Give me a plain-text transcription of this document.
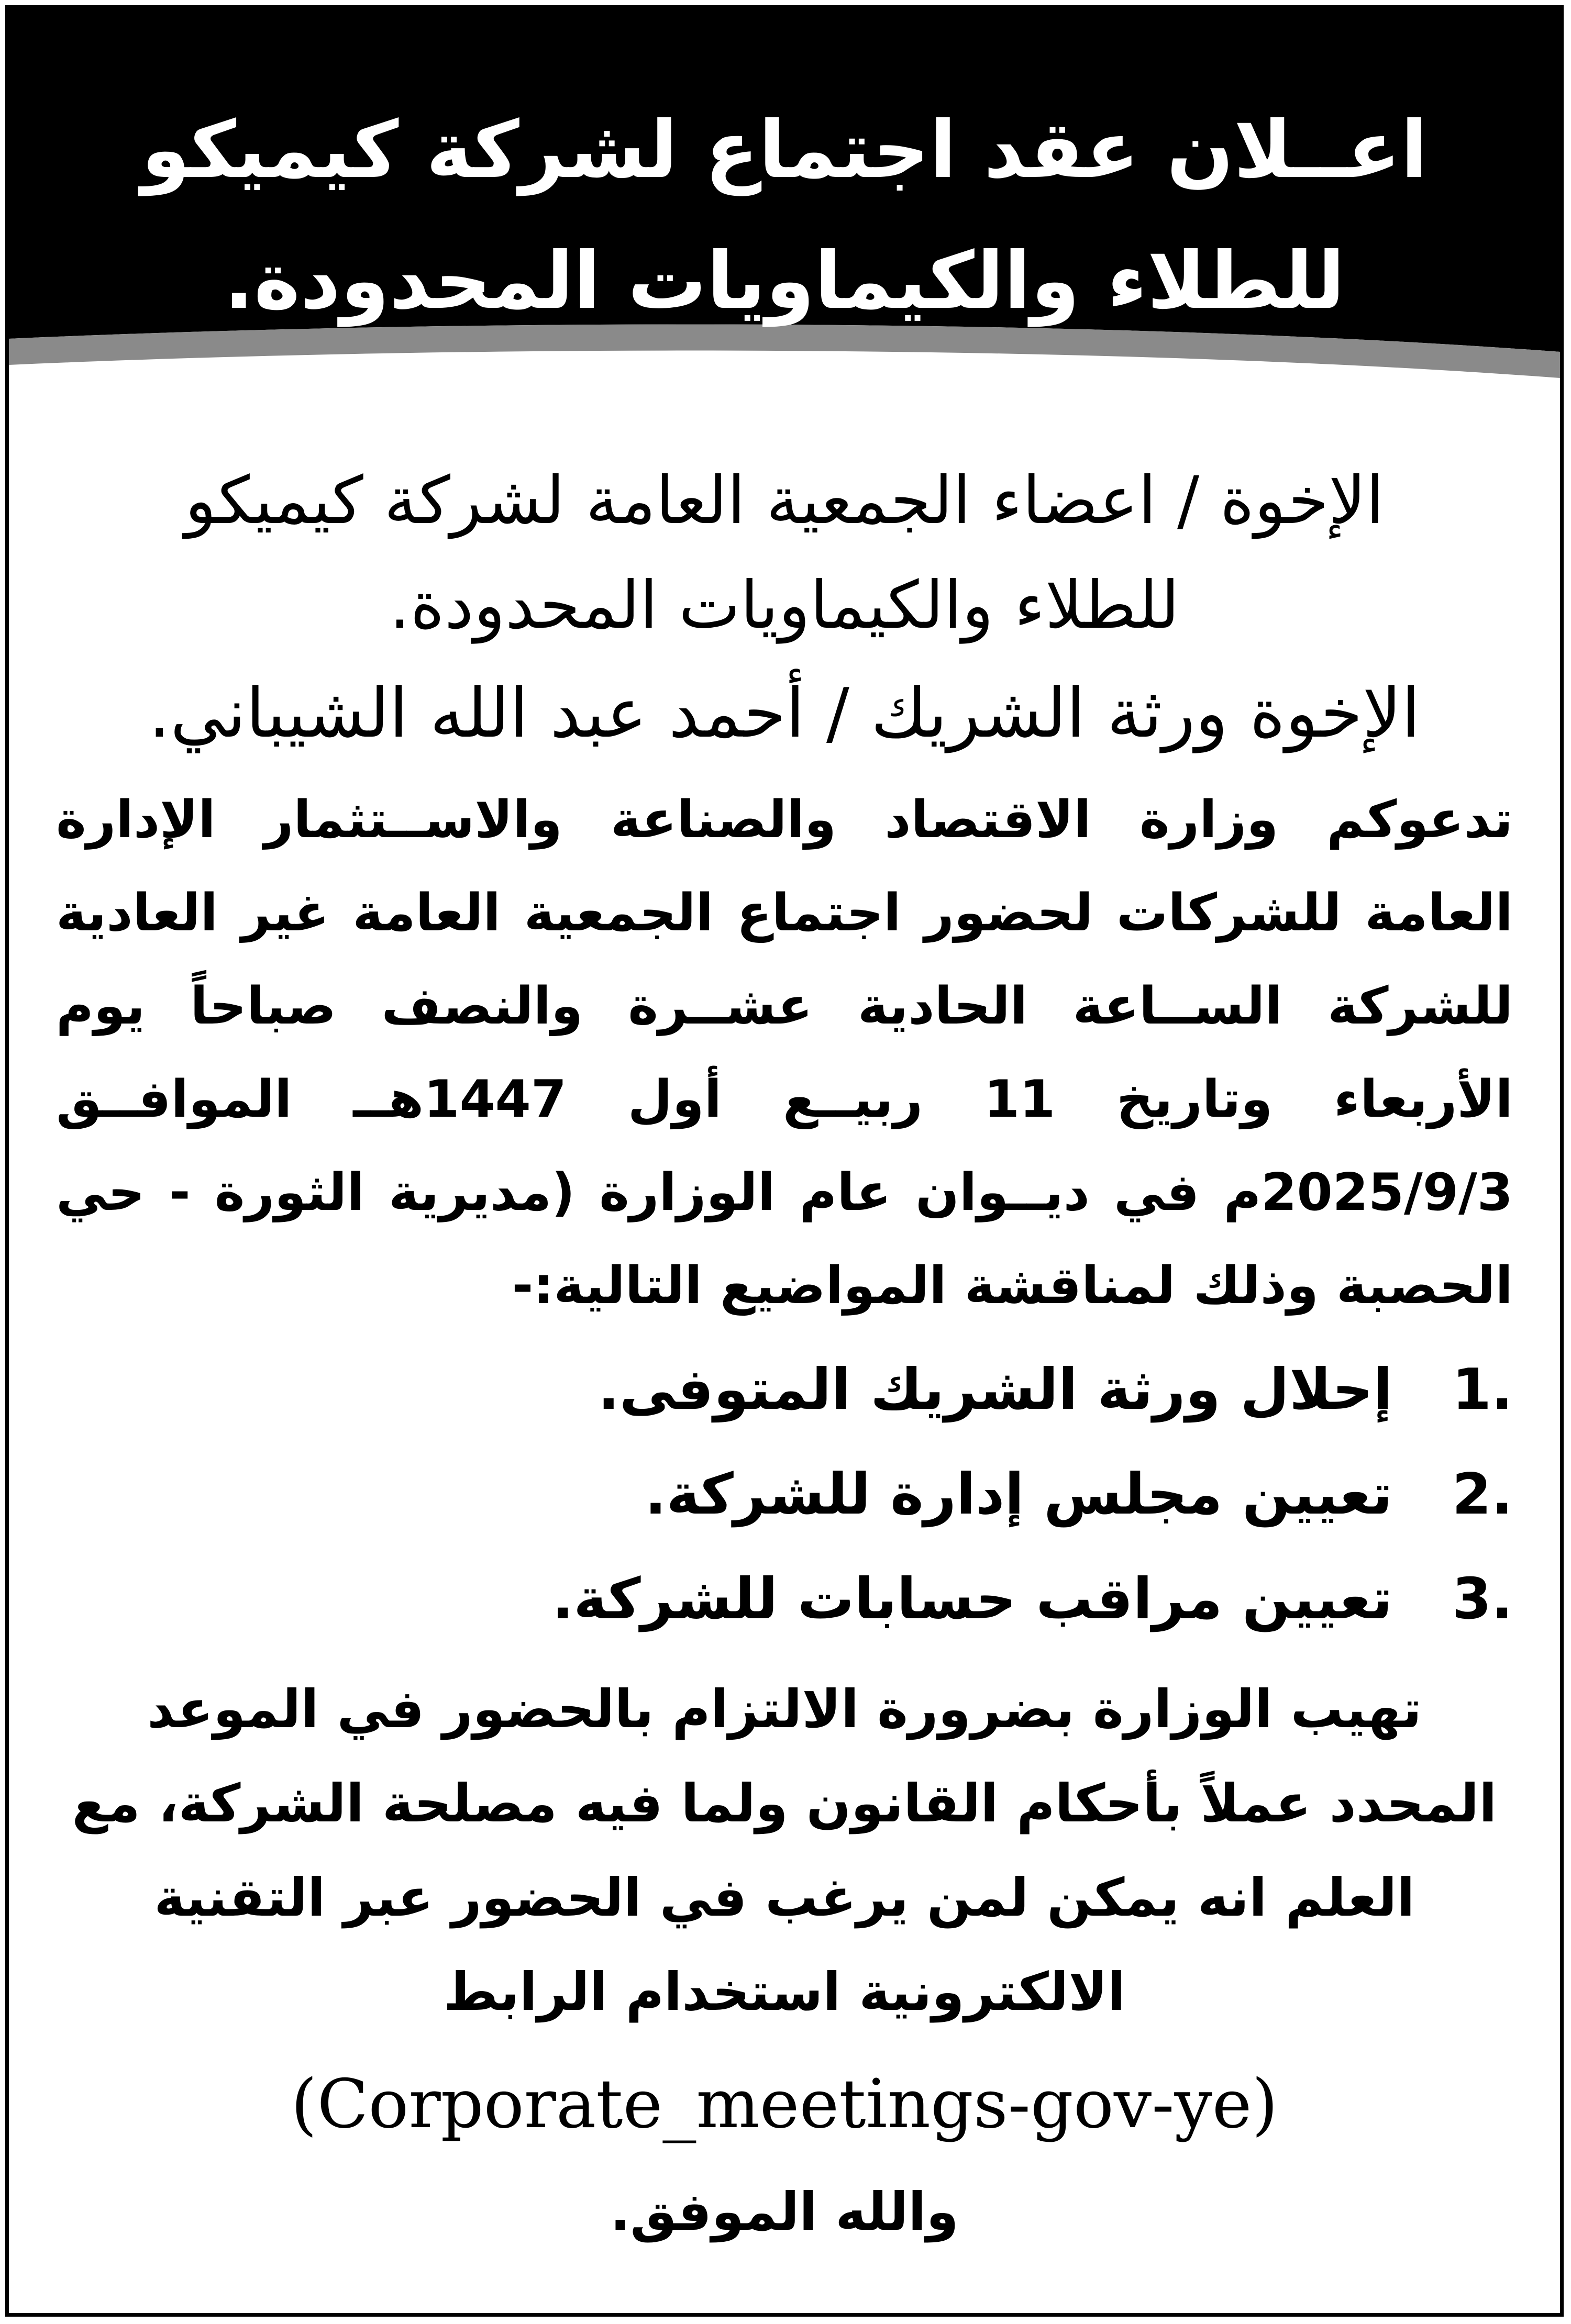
اعــلان عقد اجتماع لشركة كيميكو
للطلاء والكيماويات المحدودة.

الإخوة / اعضاء الجمعية العامة لشركة كيميكو

للطلاء والكيماويات المحدودة.

الإخوة ورثة الشريك / أحمد عبد الله الشيباني.

تدعوكم وزارة الاقتصاد والصناعة والاســتثمار الإدارة العامة للشركات لحضور اجتماع الجمعية العامة غير العادية للشركة الســاعة الحادية عشــرة والنصف صباحاً يوم الأربعاء وتاريخ 11 ربيــع أول 1447هــ الموافــق 2025/9/3م في ديــوان عام الوزارة (مديرية الثورة - حي الحصبة وذلك لمناقشة المواضيع التالية:-

1.
إحلال ورثة الشريك المتوفى.
2.
تعيين مجلس إدارة للشركة.
3.
تعيين مراقب حسابات للشركة.

تهيب الوزارة بضرورة الالتزام بالحضور في الموعد المحدد عملاً بأحكام القانون ولما فيه مصلحة الشركة، مع العلم انه يمكن لمن يرغب في الحضور عبر التقنية الالكترونية استخدام الرابط

(Corporate_meetings-gov-ye)

والله الموفق.
